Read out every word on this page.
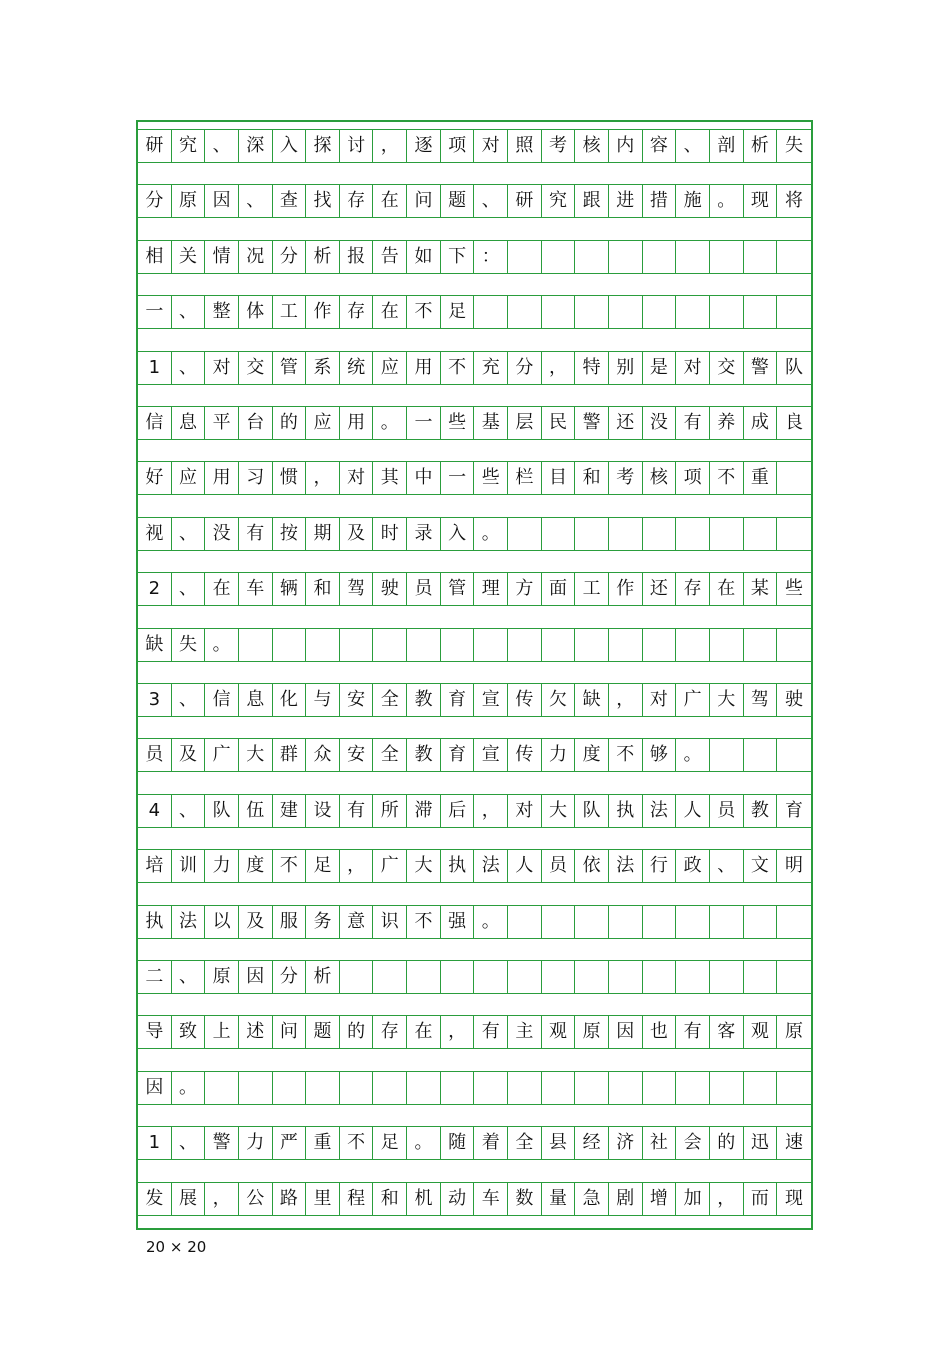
研 究 、 深 入 探 讨 ， 逐 项 对 照 考 核 内 容 、 剖 析 失
分 原 因 、 查 找 存 在 问 题 、 研 究 跟 进 措 施 。 现 将
相 关 情 况 分 析 报 告 如 下 ：
一 、 整 体 工 作 存 在 不 足
1	、 对 交 管 系 统 应 用 不 充 分 ， 特 别 是 对 交 警 队
信 息 平 台 的 应 用 。 一 些 基 层 民 警 还 没 有 养 成 良
好 应 用 习 惯 ， 对 其 中 一 些 栏 目 和 考 核 项 不 重
视 、 没 有 按 期 及 时 录 入 。
2	、 在 车 辆 和 驾 驶 员 管 理 方 面 工 作 还 存 在 某 些
缺 失 。
3	、 信 息 化 与 安 全 教 育 宣 传 欠 缺 ， 对 广 大 驾 驶
员 及 广 大 群 众 安 全 教 育 宣 传 力 度 不 够 。
4	、 队 伍 建 设 有 所 滞 后 ， 对 大 队 执 法 人 员 教 育
培 训 力 度 不 足 ， 广 大 执 法 人 员 依 法 行 政 、 文 明
执 法 以 及 服 务 意 识 不 强 。
二 、 原 因 分 析
导 致 上 述 问 题 的 存 在 ， 有 主 观 原 因 也 有 客 观 原
因 。
1	、 警 力 严 重 不 足 。 随 着 全 县 经 济 社 会 的 迅 速
发 展 ， 公 路 里 程 和 机 动 车 数 量 急 剧 增 加 ， 而 现
20 × 20
